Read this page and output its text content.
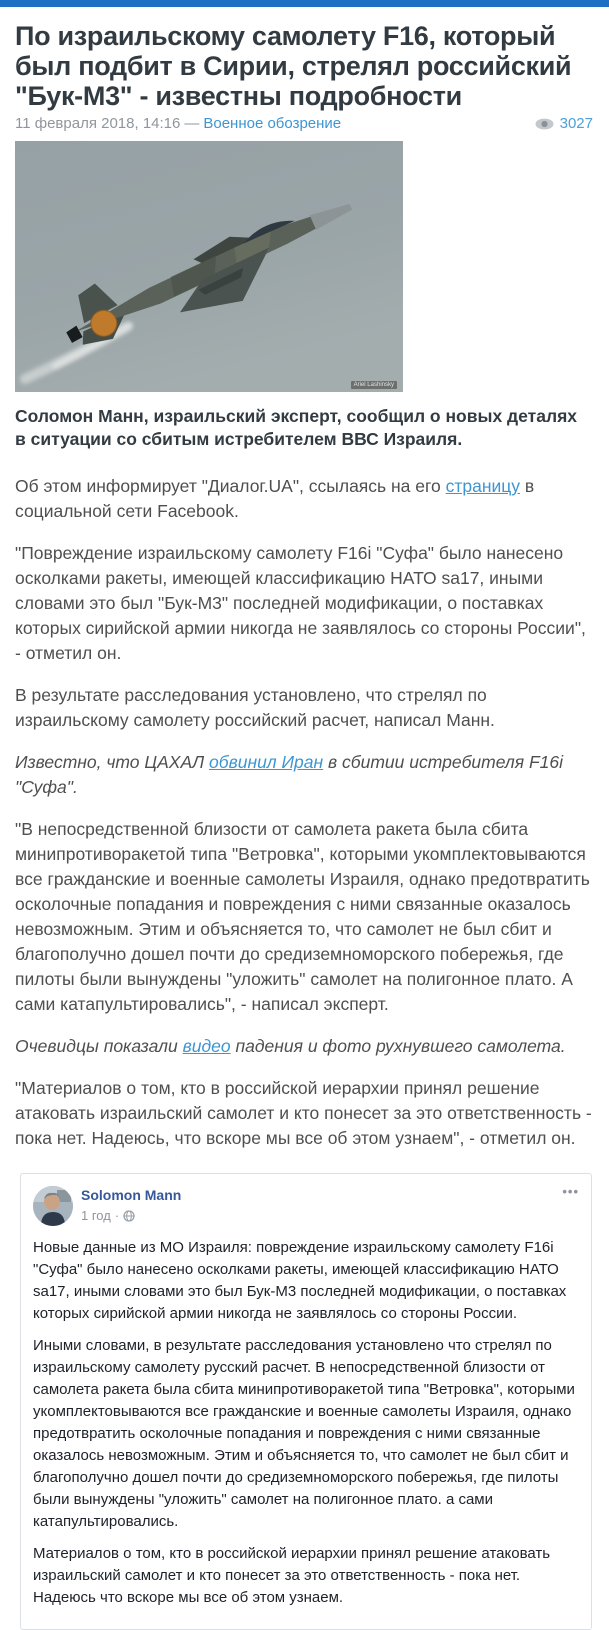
По израильскому самолету F16, который был подбит в Сирии, стрелял российский "Бук-М3" - известны подробности
11 февраля 2018, 14:16 — Военное обозрение	3027
Ariel Lashinsky
Соломон Манн, израильский эксперт, сообщил о новых деталях в ситуации со сбитым истребителем ВВС Израиля.

Об этом информирует "Диалог.UA", ссылаясь на его страницу в социальной сети Facebook.

"Повреждение израильскому самолету F16i "Суфа" было нанесено осколками ракеты, имеющей классификацию НАТО sa17, иными словами это был "Бук-М3" последней модификации, о поставках которых сирийской армии никогда не заявлялось со стороны России", - отметил он.

В результате расследования установлено, что стрелял по израильскому самолету российский расчет, написал Манн.

Известно, что ЦАХАЛ обвинил Иран в сбитии истребителя F16i "Суфа".

"В непосредственной близости от самолета ракета была сбита минипротиворакетой типа "Ветровка", которыми укомплектовываются все гражданские и военные самолеты Израиля, однако предотвратить осколочные попадания и повреждения с ними связанные оказалось невозможным. Этим и объясняется то, что самолет не был сбит и благополучно дошел почти до средиземноморского побережья, где пилоты были вынуждены "уложить" самолет на полигонное плато. А сами катапультировались", - написал эксперт.

Очевидцы показали видео падения и фото рухнувшего самолета.

"Материалов о том, кто в российской иерархии принял решение атаковать израильский самолет и кто понесет за это ответственность - пока нет. Надеюсь, что вскоре мы все об этом узнаем", - отметил он.

Solomon Mann
1 год ·
•••

Новые данные из МО Израиля: повреждение израильскому самолету F16i "Суфа" было нанесено осколками ракеты, имеющей классификацию НАТО sa17, иными словами это был Бук-М3 последней модификации, о поставках которых сирийской армии никогда не заявлялось со стороны России.

Иными словами, в результате расследования установлено что стрелял по израильскому самолету русский расчет. В непосредственной близости от самолета ракета была сбита минипротиворакетой типа "Ветровка", которыми укомплектовываются все гражданские и военные самолеты Израиля, однако предотвратить осколочные попадания и повреждения с ними связанные оказалось невозможным. Этим и объясняется то, что самолет не был сбит и благополучно дошел почти до средиземноморского побережья, где пилоты были вынуждены "уложить" самолет на полигонное плато. а сами катапультировались.

Материалов о том, кто в российской иерархии принял решение атаковать израильский самолет и кто понесет за это ответственность - пока нет. Надеюсь что вскоре мы все об этом узнаем.
